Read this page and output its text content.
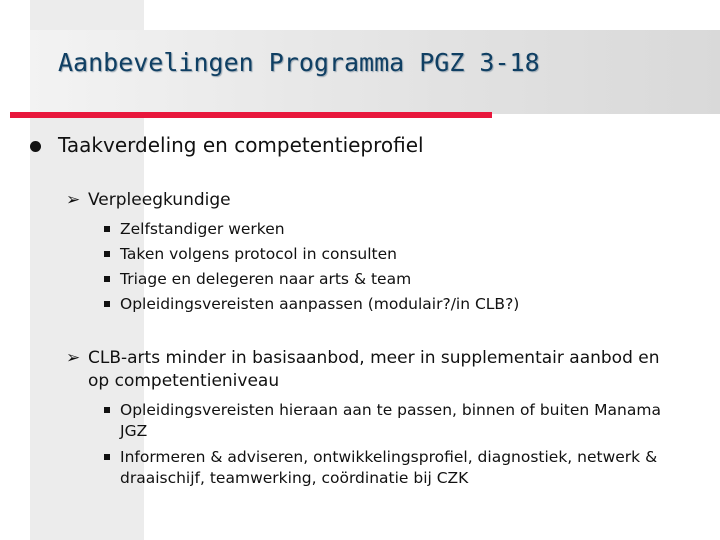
Aanbevelingen Programma PGZ 3-18
Taakverdeling en competentieprofiel
➢ Verpleegkundige
Zelfstandiger werken
Taken volgens protocol in consulten
Triage en delegeren naar arts & team
Opleidingsvereisten aanpassen (modulair?/in CLB?)
➢ CLB-arts minder in basisaanbod, meer in supplementair aanbod en
op competentieniveau
Opleidingsvereisten hieraan aan te passen, binnen of buiten Manama
JGZ
Informeren & adviseren, ontwikkelingsprofiel, diagnostiek, netwerk &
draaischijf, teamwerking, coördinatie bij CZK
